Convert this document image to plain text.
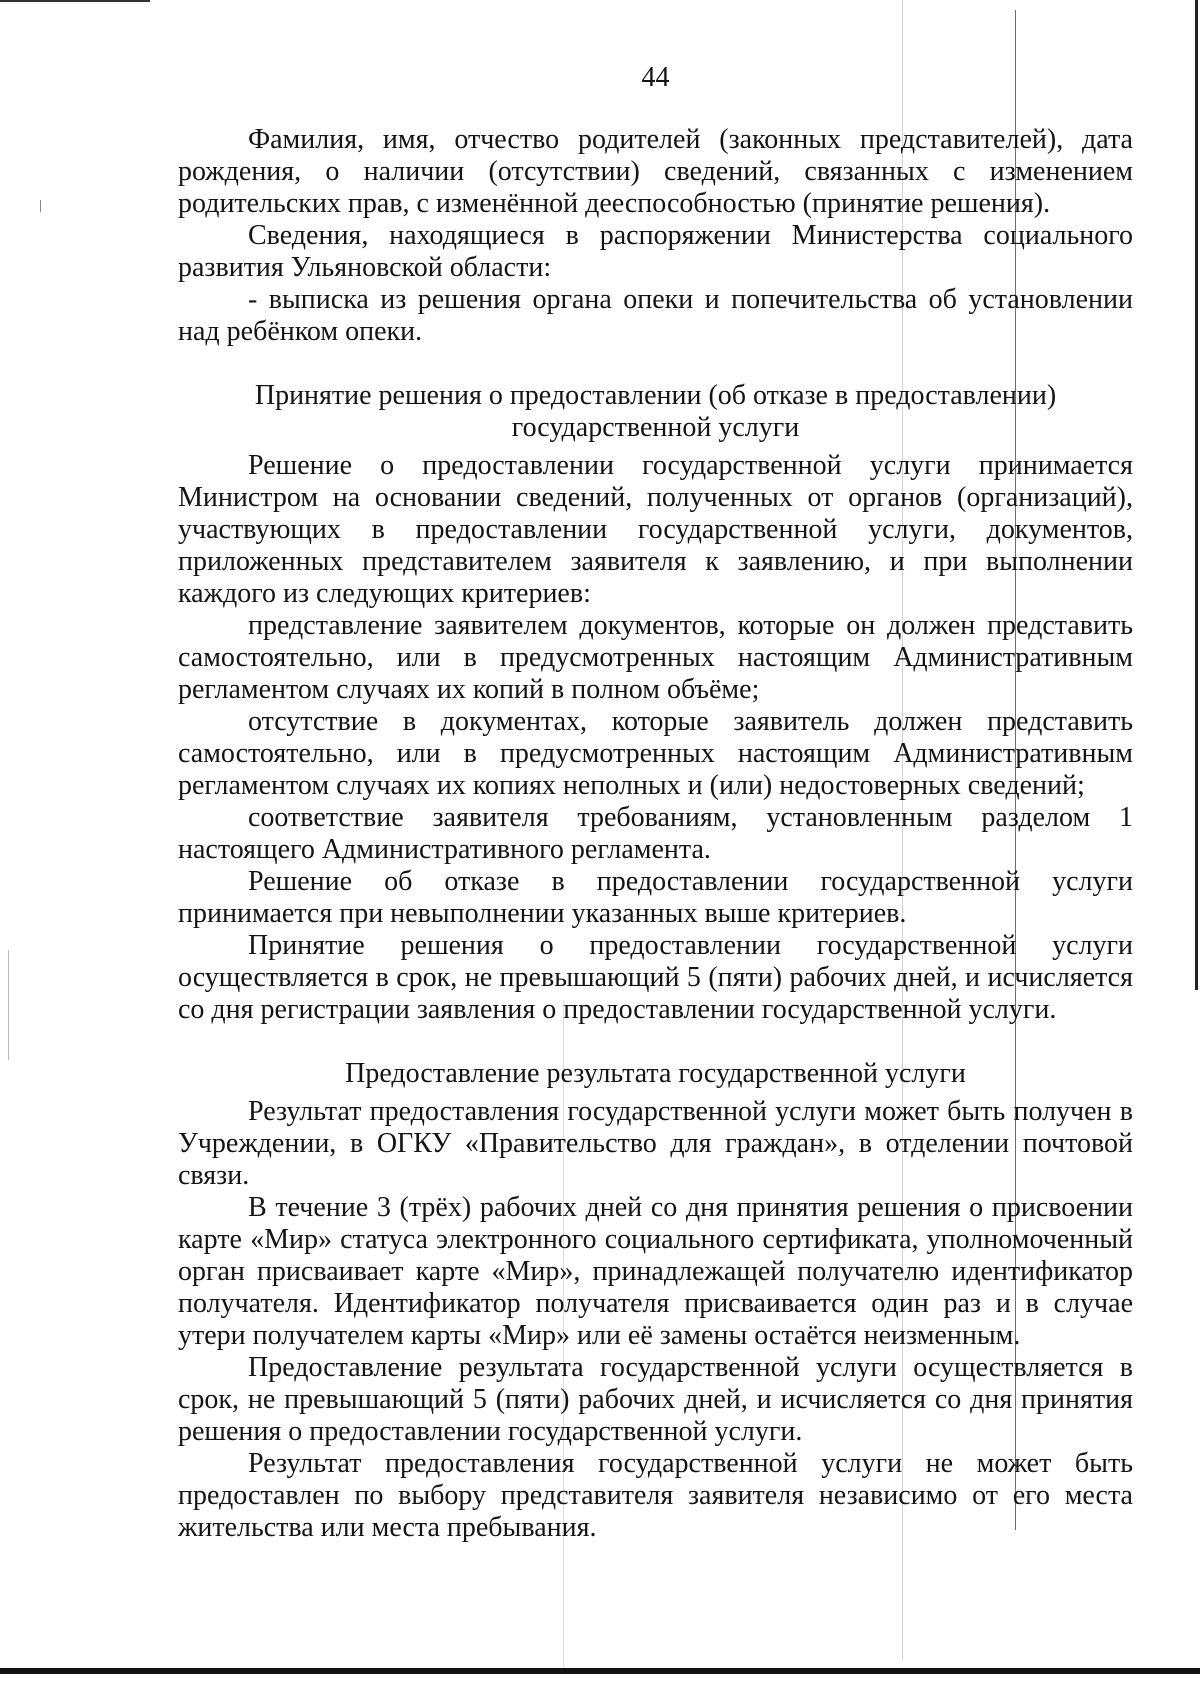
44

Фамилия, имя, отчество родителей (законных представителей), дата рождения, о наличии (отсутствии) сведений, связанных с изменением родительских прав, с изменённой дееспособностью (принятие решения).

Сведения, находящиеся в распоряжении Министерства социального развития Ульяновской области:

- выписка из решения органа опеки и попечительства об установлении над ребёнком опеки.

Принятие решения о предоставлении (об отказе в предоставлении) государственной услуги

Решение о предоставлении государственной услуги принимается Министром на основании сведений, полученных от органов (организаций), участвующих в предоставлении государственной услуги, документов, приложенных представителем заявителя к заявлению, и при выполнении каждого из следующих критериев:

представление заявителем документов, которые он должен представить самостоятельно, или в предусмотренных настоящим Административным регламентом случаях их копий в полном объёме;

отсутствие в документах, которые заявитель должен представить самостоятельно, или в предусмотренных настоящим Административным регламентом случаях их копиях неполных и (или) недостоверных сведений;

соответствие заявителя требованиям, установленным разделом 1 настоящего Административного регламента.

Решение об отказе в предоставлении государственной услуги принимается при невыполнении указанных выше критериев.

Принятие решения о предоставлении государственной услуги осуществляется в срок, не превышающий 5 (пяти) рабочих дней, и исчисляется со дня регистрации заявления о предоставлении государственной услуги.

Предоставление результата государственной услуги

Результат предоставления государственной услуги может быть получен в Учреждении, в ОГКУ «Правительство для граждан», в отделении почтовой связи.

В течение 3 (трёх) рабочих дней со дня принятия решения о присвоении карте «Мир» статуса электронного социального сертификата, уполномоченный орган присваивает карте «Мир», принадлежащей получателю идентификатор получателя. Идентификатор получателя присваивается один раз и в случае утери получателем карты «Мир» или её замены остаётся неизменным.

Предоставление результата государственной услуги осуществляется в срок, не превышающий 5 (пяти) рабочих дней, и исчисляется со дня принятия решения о предоставлении государственной услуги.

Результат предоставления государственной услуги не может быть предоставлен по выбору представителя заявителя независимо от его места жительства или места пребывания.
